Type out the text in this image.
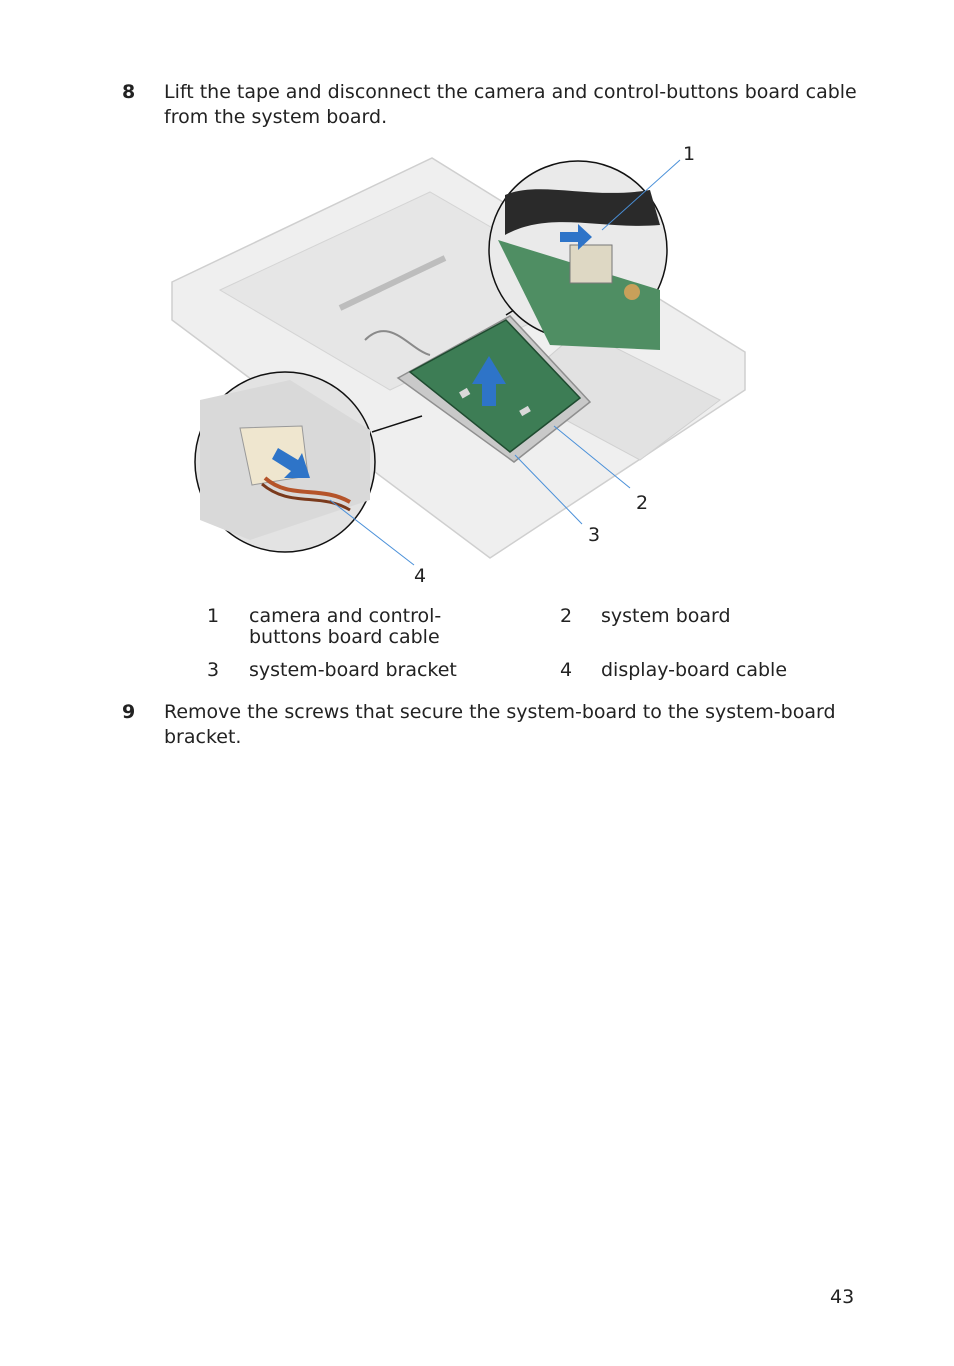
8 Lift the tape and disconnect the camera and control-buttons board cable from the system board.
1
2
3
4
1 camera and control-buttons board cable
2 system board
3 system-board bracket	4 display-board cable
9 Remove the screws that secure the system-board to the system-board bracket.
43
